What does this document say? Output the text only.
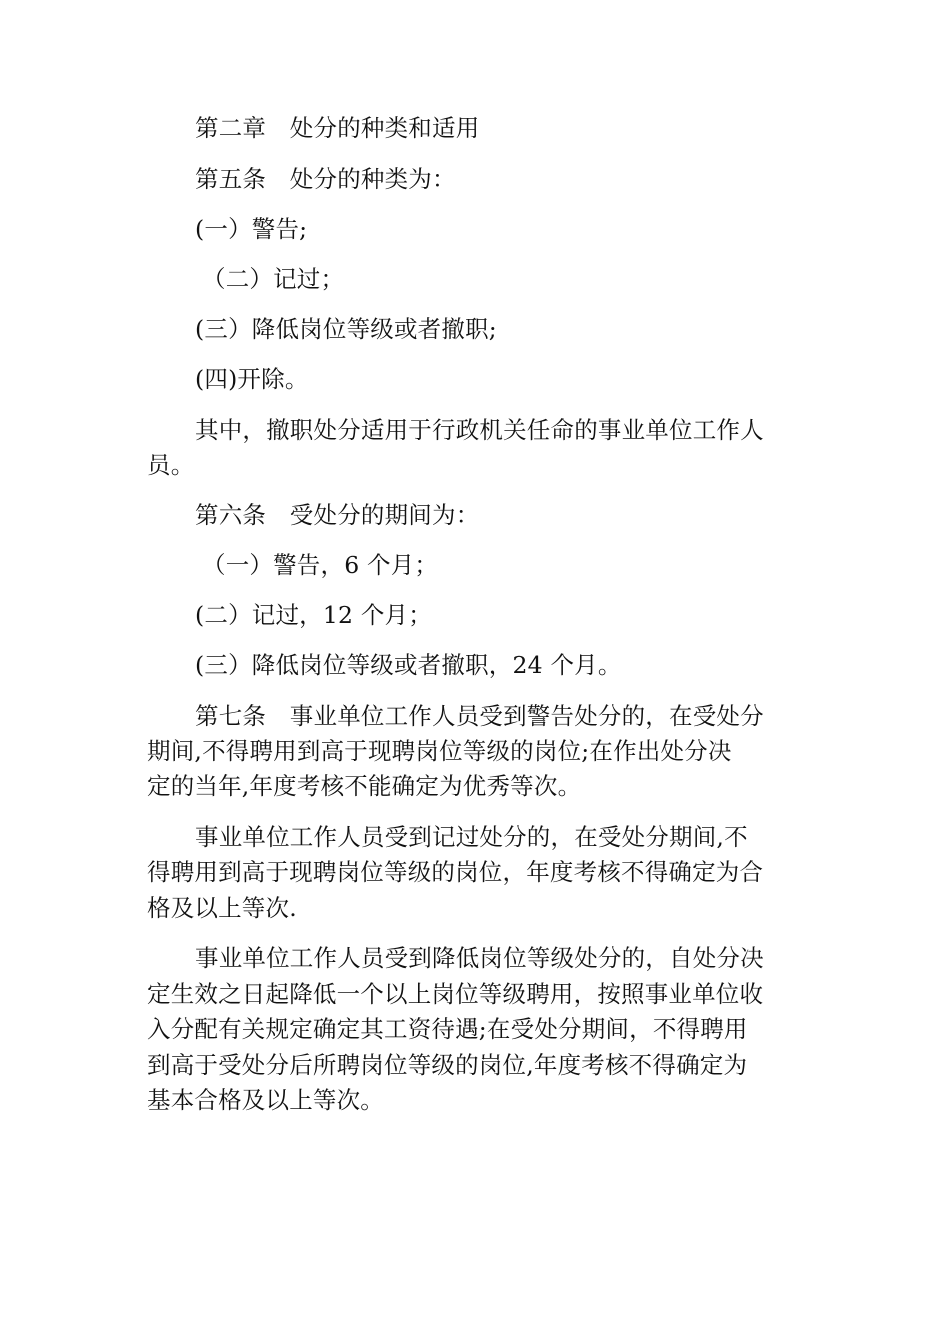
第二章　处分的种类和适用
第五条　处分的种类为：
(一）警告;
（二）记过；
(三）降低岗位等级或者撤职;
(四)开除。
其中，撤职处分适用于行政机关任命的事业单位工作人
员。
第六条　受处分的期间为：
（一）警告，6 个月；
(二）记过，12 个月；
(三）降低岗位等级或者撤职，24 个月。
第七条　事业单位工作人员受到警告处分的，在受处分
期间,不得聘用到高于现聘岗位等级的岗位;在作出处分决
定的当年,年度考核不能确定为优秀等次。
事业单位工作人员受到记过处分的，在受处分期间,不
得聘用到高于现聘岗位等级的岗位，年度考核不得确定为合
格及以上等次.
事业单位工作人员受到降低岗位等级处分的，自处分决
定生效之日起降低一个以上岗位等级聘用，按照事业单位收
入分配有关规定确定其工资待遇;在受处分期间，不得聘用
到高于受处分后所聘岗位等级的岗位,年度考核不得确定为
基本合格及以上等次。
